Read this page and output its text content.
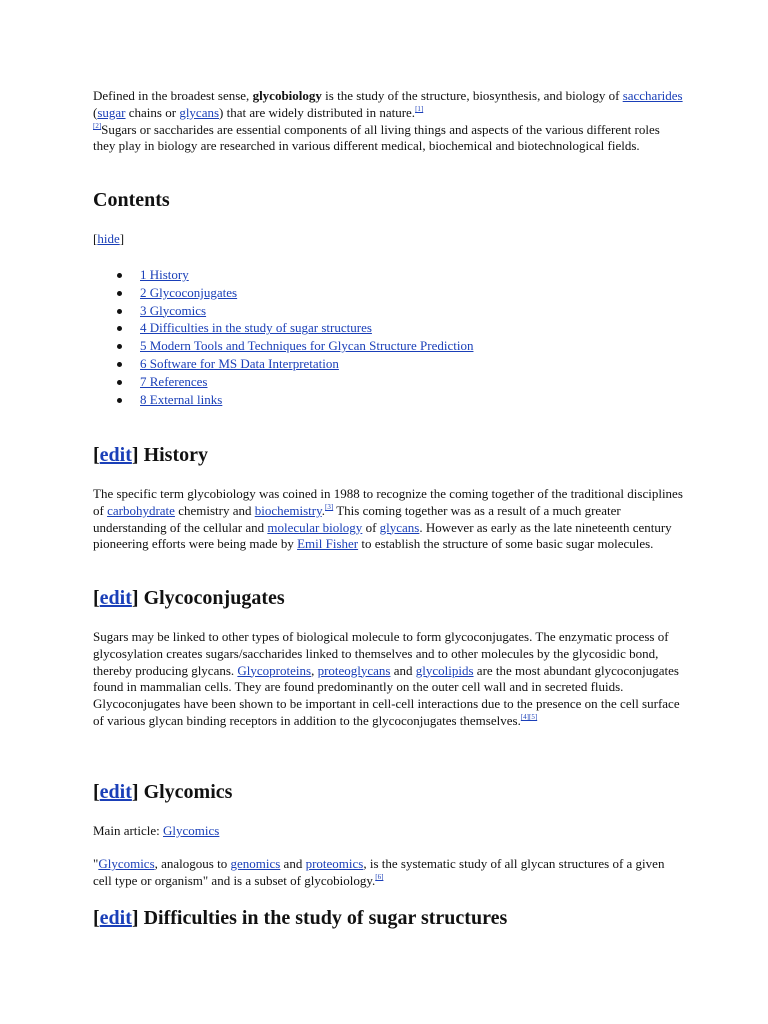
Defined in the broadest sense, glycobiology is the study of the structure, biosynthesis, and biology of saccharides (sugar chains or glycans) that are widely distributed in nature.[1]
[2]Sugars or saccharides are essential components of all living things and aspects of the various different roles they play in biology are researched in various different medical, biochemical and biotechnological fields.

Contents

[hide]

1 History
2 Glycoconjugates
3 Glycomics
4 Difficulties in the study of sugar structures
5 Modern Tools and Techniques for Glycan Structure Prediction
6 Software for MS Data Interpretation
7 References
8 External links
[edit] History

The specific term glycobiology was coined in 1988 to recognize the coming together of the traditional disciplines of carbohydrate chemistry and biochemistry.[3] This coming together was as a result of a much greater understanding of the cellular and molecular biology of glycans. However as early as the late nineteenth century pioneering efforts were being made by Emil Fisher to establish the structure of some basic sugar molecules.

[edit] Glycoconjugates

Sugars may be linked to other types of biological molecule to form glycoconjugates. The enzymatic process of glycosylation creates sugars/saccharides linked to themselves and to other molecules by the glycosidic bond, thereby producing glycans. Glycoproteins, proteoglycans and glycolipids are the most abundant glycoconjugates found in mammalian cells. They are found predominantly on the outer cell wall and in secreted fluids. Glycoconjugates have been shown to be important in cell-cell interactions due to the presence on the cell surface of various glycan binding receptors in addition to the glycoconjugates themselves.[4][5]

[edit] Glycomics

Main article: Glycomics

"Glycomics, analogous to genomics and proteomics, is the systematic study of all glycan structures of a given cell type or organism" and is a subset of glycobiology.[6]

[edit] Difficulties in the study of sugar structures
